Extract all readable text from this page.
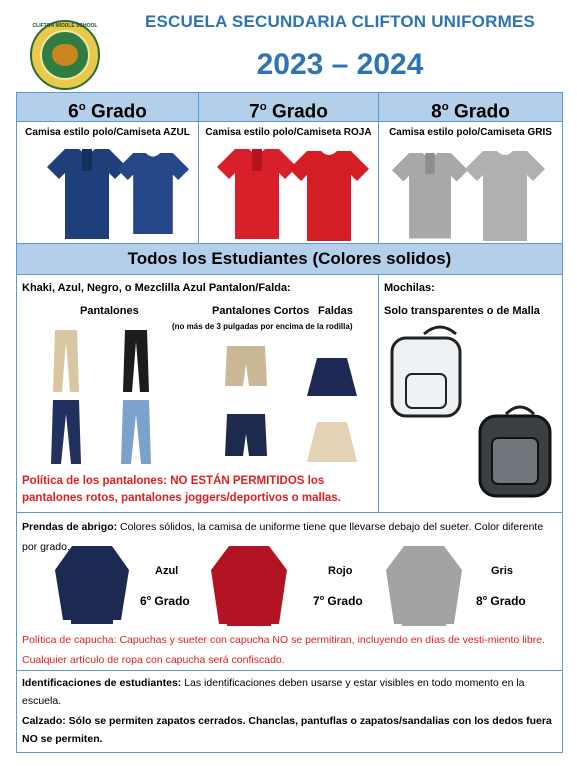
CLIFTON MIDDLE SCHOOL	ESCUELA SECUNDARIA CLIFTON UNIFORMES
2023 – 2024
6$^o$ Grado	7$^o$ Grado	8$^o$ Grado
Camisa estilo polo/Camiseta AZUL	Camisa estilo polo/Camiseta ROJA	Camisa estilo polo/Camiseta GRIS
Todos los Estudiantes (Colores solidos)
Khaki, Azul, Negro, o Mezclilla Azul Pantalon/Falda:
Pantalones	Pantalones Cortos Faldas
(no más de 3 pulgadas por encima de la rodilla)
Política de los pantalones: NO ESTÁN PERMITIDOS los pantalones rotos, pantalones joggers/deportivos o mallas.
Mochilas:
Solo transparentes o de Malla
Prendas de abrigo: Colores sólidos, la camisa de uniforme tiene que llevarse debajo del sueter. Color diferente por grado.
Azul
6$^o$ Grado
Rojo
7$^o$ Grado
Gris
8$^o$ Grado
Política de capucha: Capuchas y sueter con capucha NO se permitiran, incluyendo en días de vesti-miento libre. Cualquier artículo de ropa con capucha será confiscado.
Identificaciones de estudiantes: Las identificaciones deben usarse y estar visibles en todo momento en la escuela.
Calzado: Sólo se permiten zapatos cerrados. Chanclas, pantuflas o zapatos/sandalias con los dedos fuera NO se permiten.
